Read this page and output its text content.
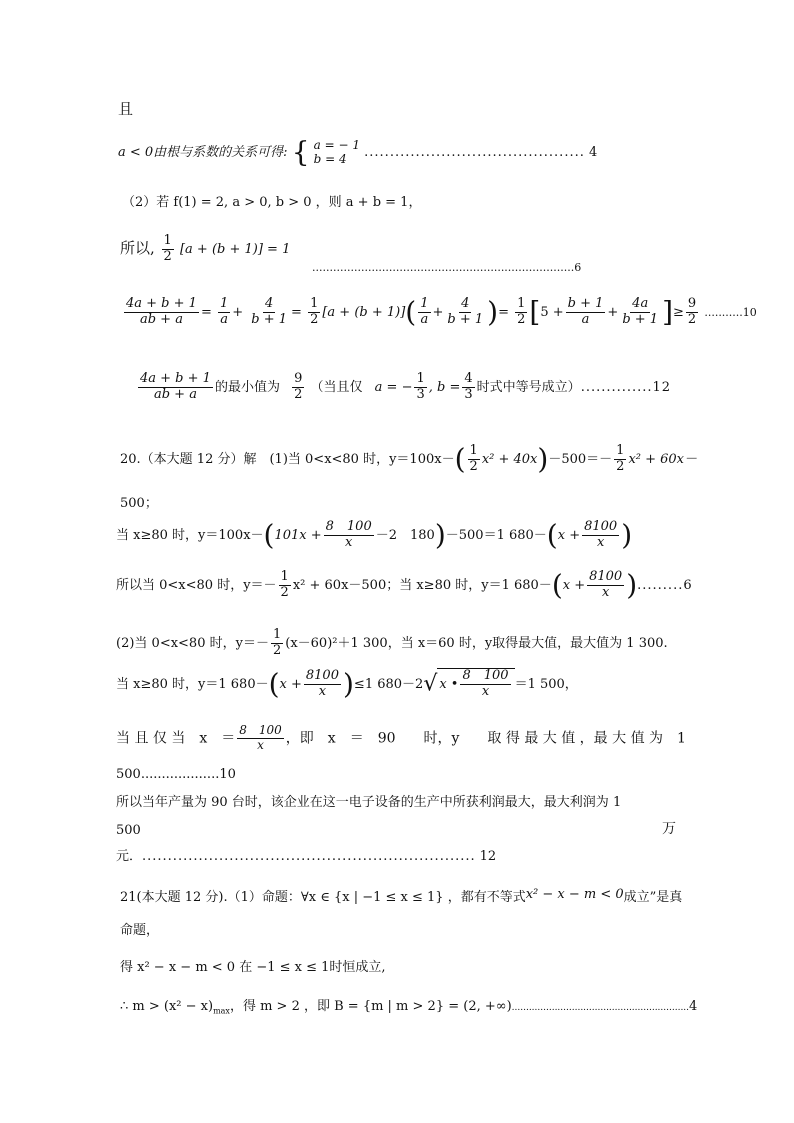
且
a < 0由根与系数的关系可得: { a = − 1
b = 4	........................................... 4
（2）若 f(1) = 2, a > 0, b > 0 ，则 a + b = 1，
所以, $\frac{1}{2} [a + (b + 1)] = 1$
...........................................................................6
$\frac{4a + b + 1}{ab + a} = \frac{1}{a} + \frac{4}{b + 1} = \frac{1}{2} [a + (b + 1)]( \frac{1}{a} + \frac{4}{b + 1}$ )= $\frac{1}{2} [5 + \frac{b + 1}{a} + \frac{4a}{b + 1}$ ]≥ $\frac{9}{2} ...........10$
$\frac{4a + b + 1}{ab + a}$ 的最小值为 $\frac{9}{2}$ （当且仅 a = − $\frac{1}{3}$ , $b = \frac{4}{3}$ 时式中等号成立）..............12
20.（本大题 12 分）解　(1)当 0<x<80 时，$y=100x-( \frac{1}{2} x^2 + 40x)-500=- \frac{1}{2} x^2 + 60x-$
500；
当 x≥80 时，$y=100x-(101x + \frac{8 100}{x} -2$　180)－500＝1 $680-(x + \frac{8100}{x}$ )
所以当 0<x<80 时，$y=- \frac{1}{2} x^2 + 60x-500$；当 x≥80 时，y＝1 $680-(x + \frac{8100}{x} ).........6$
(2)当 0<x<80 时，$y=- \frac{1}{2} (x-60)^2+1$ 300，当 x＝60 时，y取得最大值，最大值为 1 300.
当 x≥80 时，y＝1 $680-(x + \frac{8100}{x} )\le 1$ 680－2√ x • $\frac{8 100}{x} =1$ 500，
当 且 仅 当　x　＝ $\frac{8 100}{x}$ ，即　x　＝　90　　时，y　　取 得 最 大 值 ，最 大 值 为　1
500...................10
所以当年产量为 90 台时，该企业在这一电子设备的生产中所获利润最大，最大利润为 1
500	万
元．................................................................. 12
21(本大题 12 分).（1）命题：∀x ∈ {x | −1 ≤ x ≤ 1} ，都有不等式x² − x − m < 0成立”是真
命题，
得 x² − x − m < 0 在 −1 ≤ x ≤ 1时恒成立,
∴ $m > (x^2 - x)_{max}$，得 m > 2 ，即 B = {m | m > 2} = (2, +∞)..............................................................4
